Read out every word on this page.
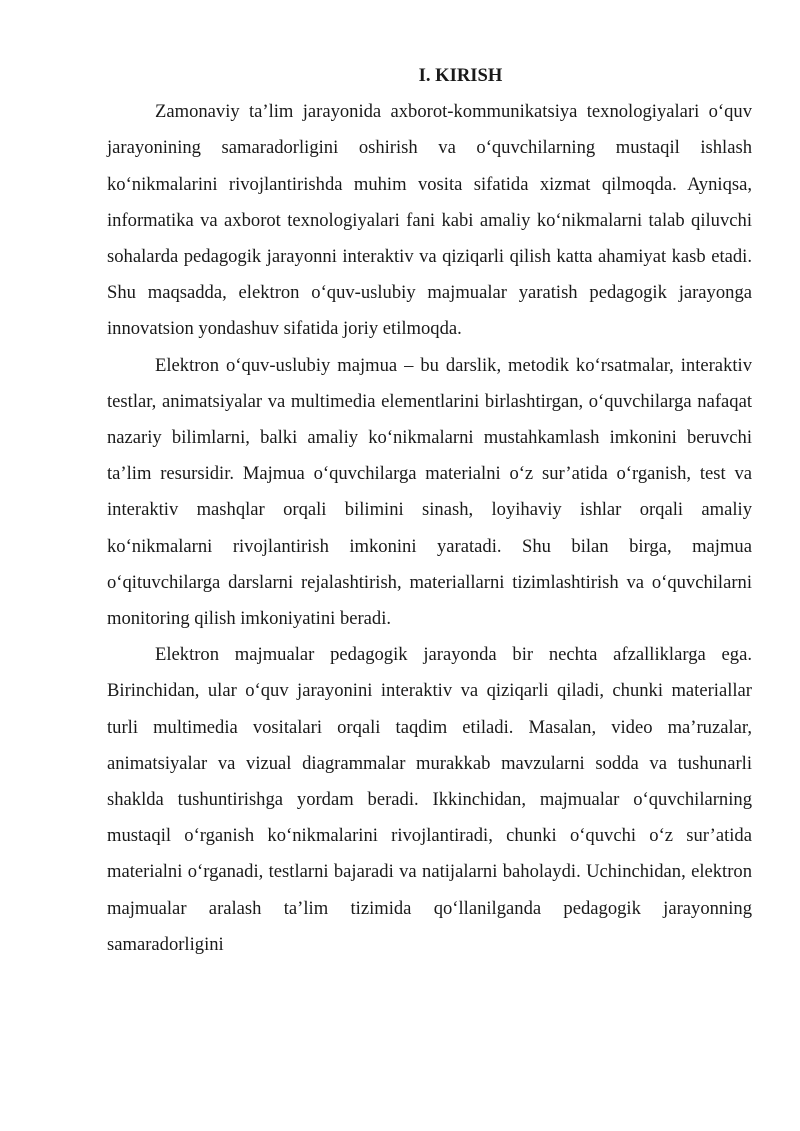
I. KIRISH

Zamonaviy ta’lim jarayonida axborot-kommunikatsiya texnologiyalari o‘quv jarayonining samaradorligini oshirish va o‘quvchilarning mustaqil ishlash ko‘nikmalarini rivojlantirishda muhim vosita sifatida xizmat qilmoqda. Ayniqsa, informatika va axborot texnologiyalari fani kabi amaliy ko‘nikmalarni talab qiluvchi sohalarda pedagogik jarayonni interaktiv va qiziqarli qilish katta ahamiyat kasb etadi. Shu maqsadda, elektron o‘quv-uslubiy majmualar yaratish pedagogik jarayonga innovatsion yondashuv sifatida joriy etilmoqda.

Elektron o‘quv-uslubiy majmua – bu darslik, metodik ko‘rsatmalar, interaktiv testlar, animatsiyalar va multimedia elementlarini birlashtirgan, o‘quvchilarga nafaqat nazariy bilimlarni, balki amaliy ko‘nikmalarni mustahkamlash imkonini beruvchi ta’lim resursidir. Majmua o‘quvchilarga materialni o‘z sur’atida o‘rganish, test va interaktiv mashqlar orqali bilimini sinash, loyihaviy ishlar orqali amaliy ko‘nikmalarni rivojlantirish imkonini yaratadi. Shu bilan birga, majmua o‘qituvchilarga darslarni rejalashtirish, materiallarni tizimlashtirish va o‘quvchilarni monitoring qilish imkoniyatini beradi.

Elektron majmualar pedagogik jarayonda bir nechta afzalliklarga ega. Birinchidan, ular o‘quv jarayonini interaktiv va qiziqarli qiladi, chunki materiallar turli multimedia vositalari orqali taqdim etiladi. Masalan, video ma’ruzalar, animatsiyalar va vizual diagrammalar murakkab mavzularni sodda va tushunarli shaklda tushuntirishga yordam beradi. Ikkinchidan, majmualar o‘quvchilarning mustaqil o‘rganish ko‘nikmalarini rivojlantiradi, chunki o‘quvchi o‘z sur’atida materialni o‘rganadi, testlarni bajaradi va natijalarni baholaydi. Uchinchidan, elektron majmualar aralash ta’lim tizimida qo‘llanilganda pedagogik jarayonning samaradorligini
